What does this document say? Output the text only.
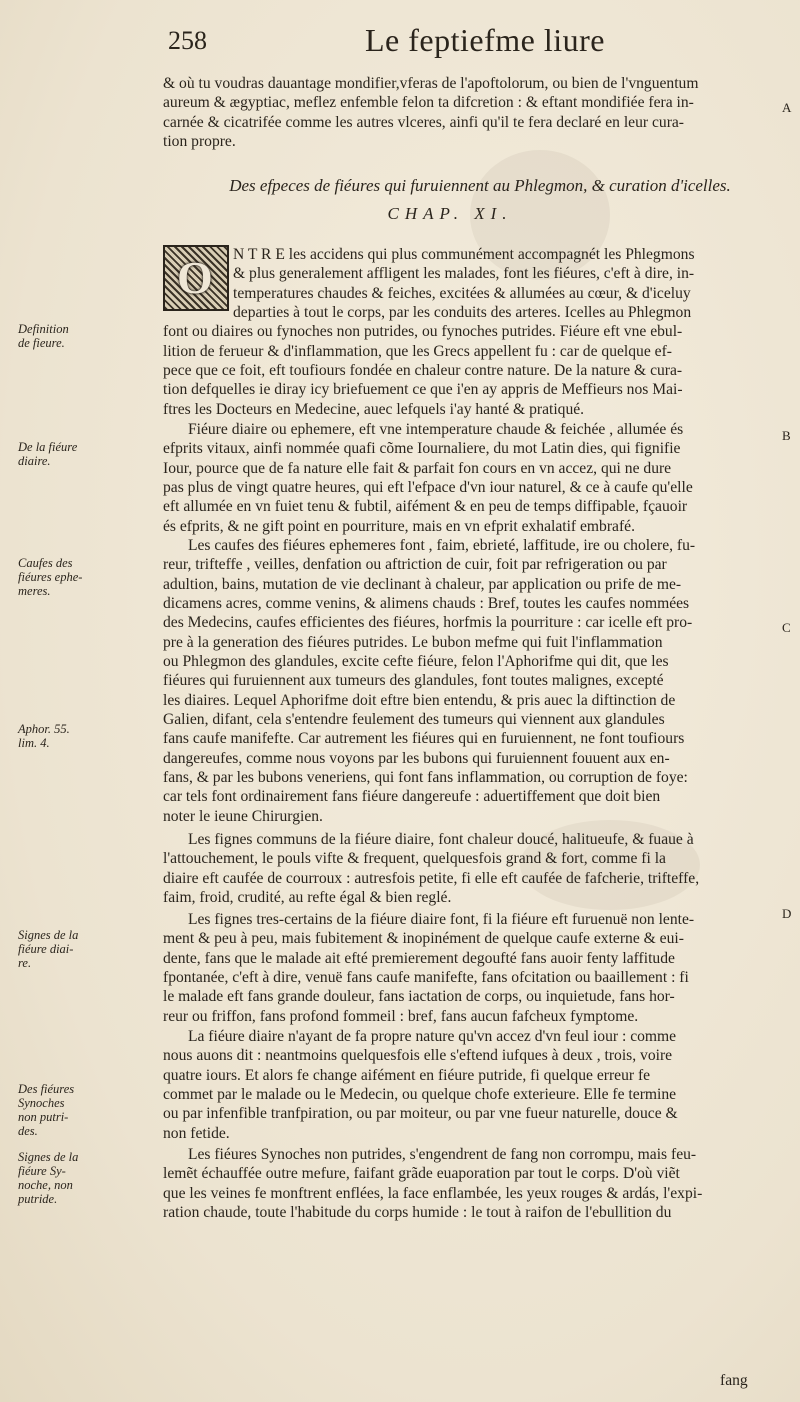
258	Le feptiefme liure

& où tu voudras dauantage mondifier,vferas de l'apoftolorum, ou bien de l'vnguentum
aureum & ægyptiac, meflez enfemble felon ta difcretion : & eftant mondifiée fera in-
carnée & cicatrifée comme les autres vlceres, ainfi qu'il te fera declaré en leur cura-
tion propre.

Des efpeces de fiéures qui furuiennent au Phlegmon, & curation d'icelles.
CHAP. XI.
O	N T R E les accidens qui plus communément accompagnét les Phlegmons
& plus generalement affligent les malades, font les fiéures, c'eft à dire, in-
temperatures chaudes & feiches, excitées & allumées au cœur, & d'iceluy
departies à tout le corps, par les conduits des arteres. Icelles au Phlegmon
font ou diaires ou fynoches non putrides, ou fynoches putrides. Fiéure eft vne ebul-
lition de ferueur & d'inflammation, que les Grecs appellent fu : car de quelque ef-
pece que ce foit, eft toufiours fondée en chaleur contre nature. De la nature & cura-
tion defquelles ie diray icy briefuement ce que i'en ay appris de Meffieurs nos Mai-
ftres les Docteurs en Medecine, auec lefquels i'ay hanté & pratiqué.
Fiéure diaire ou ephemere, eft vne intemperature chaude & feichée , allumée és
efprits vitaux, ainfi nommée quafi cõme Iournaliere, du mot Latin dies, qui fignifie
Iour, pource que de fa nature elle fait & parfait fon cours en vn accez, qui ne dure
pas plus de vingt quatre heures, qui eft l'efpace d'vn iour naturel, & ce à caufe qu'elle
eft allumée en vn fuiet tenu & fubtil, aifément & en peu de temps diffipable, fçauoir
és efprits, & ne gift point en pourriture, mais en vn efprit exhalatif embrafé.
Les caufes des fiéures ephemeres font , faim, ebrieté, laffitude, ire ou cholere, fu-
reur, trifteffe , veilles, denfation ou aftriction de cuir, foit par refrigeration ou par
adultion, bains, mutation de vie declinant à chaleur, par application ou prife de me-
dicamens acres, comme venins, & alimens chauds : Bref, toutes les caufes nommées
des Medecins, caufes efficientes des fiéures, horfmis la pourriture : car icelle eft pro-
pre à la generation des fiéures putrides. Le bubon mefme qui fuit l'inflammation
ou Phlegmon des glandules, excite cefte fiéure, felon l'Aphorifme qui dit, que les
fiéures qui furuiennent aux tumeurs des glandules, font toutes malignes, excepté
les diaires. Lequel Aphorifme doit eftre bien entendu, & pris auec la diftinction de
Galien, difant, cela s'entendre feulement des tumeurs qui viennent aux glandules
fans caufe manifefte. Car autrement les fiéures qui en furuiennent, ne font toufiours
dangereufes, comme nous voyons par les bubons qui furuiennent fouuent aux en-
fans, & par les bubons veneriens, qui font fans inflammation, ou corruption de foye:
car tels font ordinairement fans fiéure dangereufe : aduertiffement que doit bien
noter le ieune Chirurgien.
Les fignes communs de la fiéure diaire, font chaleur doucé, halitueufe, & fuaue à
l'attouchement, le pouls vifte & frequent, quelquesfois grand & fort, comme fi la
diaire eft caufée de courroux : autresfois petite, fi elle eft caufée de fafcherie, trifteffe,
faim, froid, crudité, au refte égal & bien reglé.
Les fignes tres-certains de la fiéure diaire font, fi la fiéure eft furuenuë non lente-
ment & peu à peu, mais fubitement & inopinément de quelque caufe externe & eui-
dente, fans que le malade ait efté premierement degoufté fans auoir fenty laffitude
fpontanée, c'eft à dire, venuë fans caufe manifefte, fans ofcitation ou baaillement : fi
le malade eft fans grande douleur, fans iactation de corps, ou inquietude, fans hor-
reur ou friffon, fans profond fommeil : bref, fans aucun fafcheux fymptome.
La fiéure diaire n'ayant de fa propre nature qu'vn accez d'vn feul iour : comme
nous auons dit : neantmoins quelquesfois elle s'eftend iufques à deux , trois, voire
quatre iours. Et alors fe change aifément en fiéure putride, fi quelque erreur fe
commet par le malade ou le Medecin, ou quelque chofe exterieure. Elle fe termine
ou par infenfible tranfpiration, ou par moiteur, ou par vne fueur naturelle, douce &
non fetide.
Les fiéures Synoches non putrides, s'engendrent de fang non corrompu, mais feu-
lemẽt échauffée outre mefure, faifant grãde euaporation par tout le corps. D'où viẽt
que les veines fe monftrent enflées, la face enflambée, les yeux rouges & ardás, l'expi-
ration chaude, toute l'habitude du corps humide : le tout à raifon de l'ebullition du
fang
Definition
de fieure.
De la fiéure
diaire.
Caufes des
fiéures ephe-
meres.
Aphor. 55.
lim. 4.
Signes de la
fiéure diai-
re.
Des fiéures
Synoches
non putri-
des.
Signes de la
fiéure Sy-
noche, non
putride.
A
B
C
D
